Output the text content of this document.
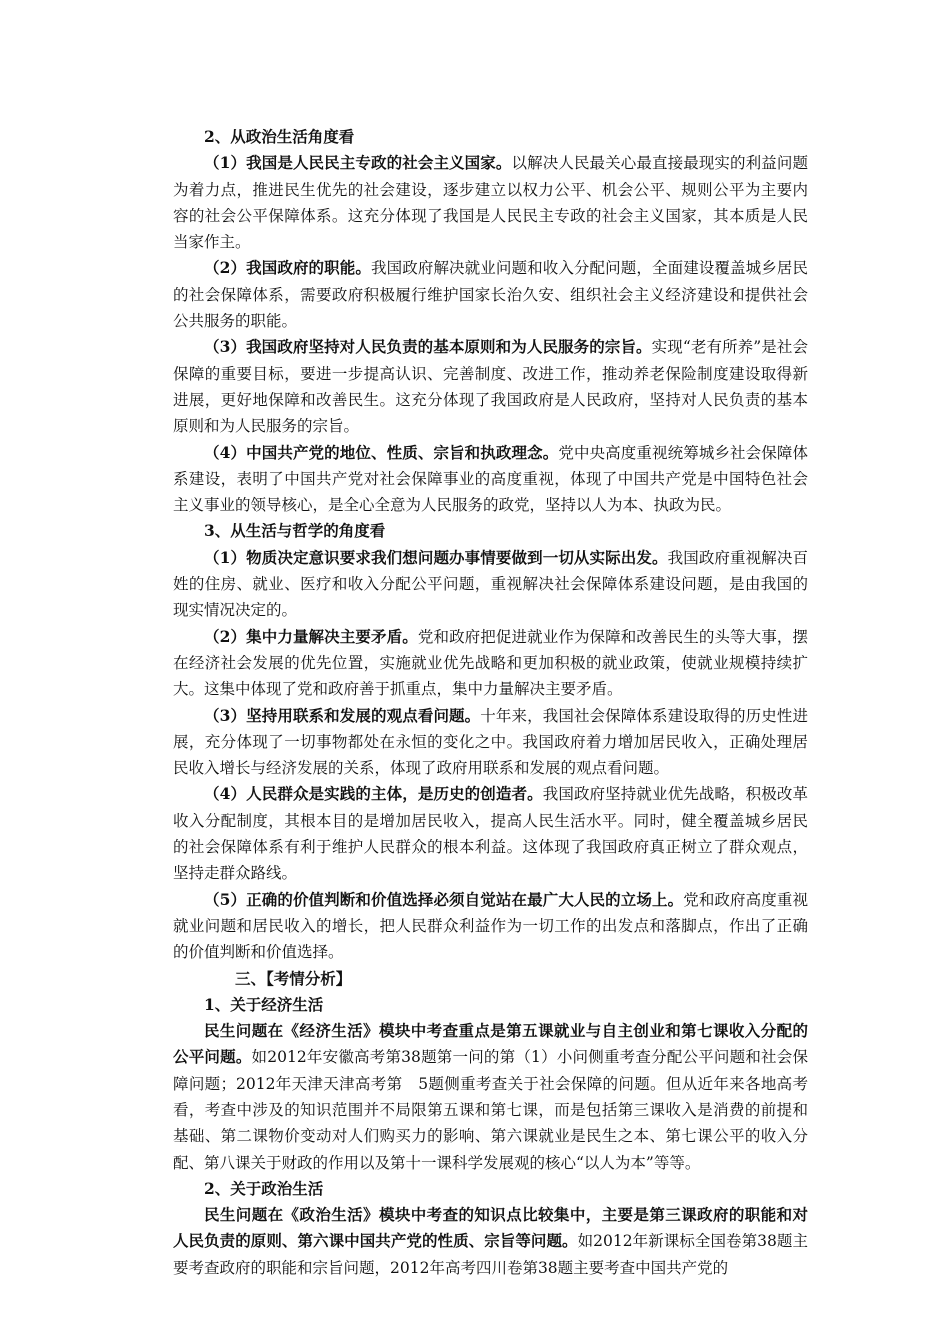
2、从政治生活角度看

（1）我国是人民民主专政的社会主义国家。以解决人民最关心最直接最现实的利益问题为着力点，推进民生优先的社会建设，逐步建立以权力公平、机会公平、规则公平为主要内容的社会公平保障体系。这充分体现了我国是人民民主专政的社会主义国家，其本质是人民当家作主。

（2）我国政府的职能。我国政府解决就业问题和收入分配问题，全面建设覆盖城乡居民的社会保障体系，需要政府积极履行维护国家长治久安、组织社会主义经济建设和提供社会公共服务的职能。

（3）我国政府坚持对人民负责的基本原则和为人民服务的宗旨。实现“老有所养”是社会保障的重要目标，要进一步提高认识、完善制度、改进工作，推动养老保险制度建设取得新进展，更好地保障和改善民生。这充分体现了我国政府是人民政府，坚持对人民负责的基本原则和为人民服务的宗旨。

（4）中国共产党的地位、性质、宗旨和执政理念。党中央高度重视统筹城乡社会保障体系建设，表明了中国共产党对社会保障事业的高度重视，体现了中国共产党是中国特色社会主义事业的领导核心，是全心全意为人民服务的政党，坚持以人为本、执政为民。

3、从生活与哲学的角度看

（1）物质决定意识要求我们想问题办事情要做到一切从实际出发。我国政府重视解决百姓的住房、就业、医疗和收入分配公平问题，重视解决社会保障体系建设问题，是由我国的现实情况决定的。

（2）集中力量解决主要矛盾。党和政府把促进就业作为保障和改善民生的头等大事，摆在经济社会发展的优先位置，实施就业优先战略和更加积极的就业政策，使就业规模持续扩大。这集中体现了党和政府善于抓重点，集中力量解决主要矛盾。

（3）坚持用联系和发展的观点看问题。十年来，我国社会保障体系建设取得的历史性进展，充分体现了一切事物都处在永恒的变化之中。我国政府着力增加居民收入，正确处理居民收入增长与经济发展的关系，体现了政府用联系和发展的观点看问题。

（4）人民群众是实践的主体，是历史的创造者。我国政府坚持就业优先战略，积极改革收入分配制度，其根本目的是增加居民收入，提高人民生活水平。同时，健全覆盖城乡居民的社会保障体系有利于维护人民群众的根本利益。这体现了我国政府真正树立了群众观点，坚持走群众路线。

（5）正确的价值判断和价值选择必须自觉站在最广大人民的立场上。党和政府高度重视就业问题和居民收入的增长，把人民群众利益作为一切工作的出发点和落脚点，作出了正确的价值判断和价值选择。

三、【考情分析】

1、关于经济生活

民生问题在《经济生活》模块中考查重点是第五课就业与自主创业和第七课收入分配的公平问题。如2012年安徽高考第38题第一问的第（1）小问侧重考查分配公平问题和社会保障问题；2012年天津天津高考第　5题侧重考查关于社会保障的问题。但从近年来各地高考看，考查中涉及的知识范围并不局限第五课和第七课，而是包括第三课收入是消费的前提和基础、第二课物价变动对人们购买力的影响、第六课就业是民生之本、第七课公平的收入分配、第八课关于财政的作用以及第十一课科学发展观的核心“以人为本”等等。

2、关于政治生活

民生问题在《政治生活》模块中考查的知识点比较集中，主要是第三课政府的职能和对人民负责的原则、第六课中国共产党的性质、宗旨等问题。如2012年新课标全国卷第38题主要考查政府的职能和宗旨问题，2012年高考四川卷第38题主要考查中国共产党的
